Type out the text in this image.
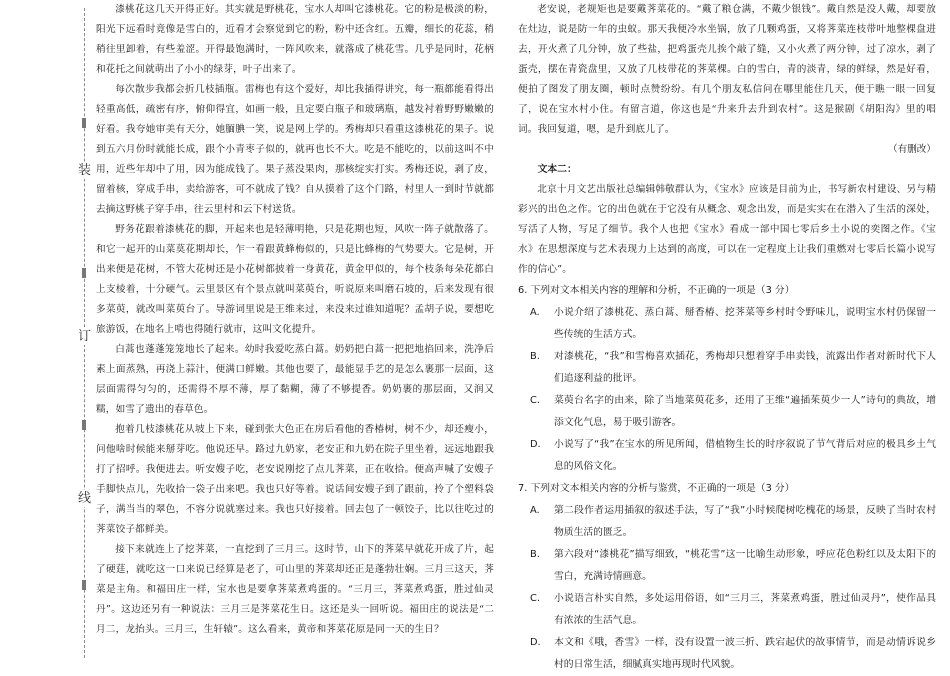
装
订
线

漆桃花这几天开得正好。其实就是野桃花，宝水人却叫它漆桃花。它的粉是极淡的粉，阳光下远看时竟像是雪白的，近看才会察觉到它的粉，粉中还含红。五瓣，细长的花蕊，稍稍往里卸着，有些羞涩。开得最饱满时，一阵风吹来，就落成了桃花雪。几乎是同时，花柄和花托之间就萌出了小小的绿芽，叶子出来了。

每次散步我都会折几枝插瓶。雷梅也有这个爱好，却比我插得讲究，每一瓶都能看得出轻重高低，疏密有序，俯仰得宜，如画一般，且定要白瓶子和玻璃瓶，越发衬着野野嫩嫩的好看。我夸她审美有天分，她腼腆一笑，说是网上学的。秀梅却只看重这漆桃花的果子。说到五六月份时就能长成，跟个小青枣子似的，就再也长不大。吃是不能吃的，以前这叫不中用，近些年却中了用，因为能成钱了。果子蒸没果肉，那核绽实打实。秀梅还说，剥了皮，留着核，穿成手串，卖给游客，可不就成了钱？自从摸着了这个门路，村里人一到时节就都去摘这野桃子穿手串，往云里村和云下村送货。

野务花跟着漆桃花的脚，开起来也是轻薄明艳，只是花期也短，风吹一阵子就散落了。和它一起开的山菜莫花期却长，乍一看跟黄蜂梅似的，只是比蜂梅的气势要大。它是树，开出来便是花树，不管大花树还是小花树都披着一身黄花，黄金甲似的，每个枝条每朵花都白上支棱着，十分硬气。云里景区有个景点就叫菜萸台，听说原来叫磨石坡的，后来发现有很多菜萸，就改叫菜萸台了。导游词里说是王维来过，来没来过谁知道呢？孟胡子说，要想吃旅游饭，在地名上啃也得随行就市，这叫文化提升。

白蒿也蓬蓬笼笼地长了起来。幼时我爱吃蒸白蒿。奶奶把白蒿一把把地掐回来，洗净后素上面蒸熟，再浇上蒜汁，便满口鲜嫩。其他也要了，最能显手艺的是怎么裹那一层面，这层面需得匀匀的，还需得不厚不薄，厚了黏糊，薄了不够提香。奶奶裹的那层面，又润又糯，如雪了遗出的春草色。

抱着几枝漆桃花从坡上下来，碰到张大色正在房后看他的香椿树，树不少，却还瘦小，问他啥时候能来掰芽吃。他说还早。路过九奶家，老安正和九奶在院子里坐着，远远地跟我打了招呼。我便进去。听安嫂子吃，老安说刚挖了点儿荠菜，正在收拾。便高声喊了安嫂子手脚快点儿，先收拾一袋子出来吧。我也只好等着。说话间安嫂子到了跟前，拎了个塑料袋子，满当当的翠色，不容分说就塞过来。我也只好接着。回去包了一顿饺子，比以往吃过的荠菜饺子都鲜美。

接下来就连上了挖荠菜，一直挖到了三月三。这时节，山下的荠菜早就花开成了片，起了硬莛，就吃这一口来说已经算是老了，可山里的荠菜却还正是蓬勃壮娴。三月三这天，荠菜是主角。和福田庄一样，宝水也是要拿荠菜煮鸡蛋的。“三月三，荠菜煮鸡蛋，胜过仙灵丹”。这边还另有一种说法：三月三是荠菜花生日。这还是头一回听说。福田庄的说法是“二月二，龙抬头。三月三，生轩辕”。这么看来，黄帝和荠菜花原是同一天的生日？

老安说，老规矩也是要戴荠菜花的。“戴了粮仓满，不戴少银钱”。戴自然是没人戴，却要放在灶边，说是防一年的虫蚁。那天我便冷水坐锅，放了几颗鸡蛋，又将荠菜连枝带叶地整棵盘进去，开火煮了几分钟，放了些盐，把鸡蛋壳儿挨个敲了缝，又小火煮了两分钟，过了凉水，剥了蛋壳，摆在青瓷盘里，又放了几枝带花的荠菜棵。白的雪白，青的淡青，绿的鲜绿，然是好看，便拍了图发了朋友圈，顿时点赞纷纷。有几个朋友私信问在哪里能住几天，便于瞧一眼一回复了，说在宝水村小住。有留言道，你这也是“升来升去升到农村”。这是猴剧《胡阳沟》里的唱词。我回复道，嗯，是升到底儿了。

（有删改）

文本二：

北京十月文艺出版社总编辑韩敬群认为，《宝水》应该是目前为止，书写新农村建设、另与精彩兴的出色之作。它的出色就在于它没有从概念、观念出发，而是实实在在潜入了生活的深处，写活了人物，写足了细节。我个人也把《宝水》看成一部中国七零后乡土小说的奕图之作。《宝水》在思想深度与艺术表现力上达到的高度，可以在一定程度上让我们重燃对七零后长篇小说写作的信心”。

6. 下列对文本相关内容的理解和分析，不正确的一项是（3 分）

A. 小说介绍了漆桃花、蒸白蒿、掰香椿、挖荠菜等乡村时令野味儿，说明宝水村仍保留一些传统的生活方式。
B. 对漆桃花，“我”和雪梅喜欢插花，秀梅却只想着穿手串卖钱，流露出作者对新时代下人们追逐利益的批评。
C. 菜萸台名字的由来，除了当地菜萸花多，还用了王维“遍插茱萸少一人”诗句的典故，增添文化气息，易于吸引游客。
D. 小说写了“我”在宝水的所见所闻，借植物生长的时序叙说了节气背后对应的极具乡土气息的风俗文化。

7. 下列对文本相关内容的分析与鉴赏，不正确的一项是（3 分）

A. 第二段作者运用插叙的叙述手法，写了“我”小时候爬树吃槐花的场景，反映了当时农村物质生活的匮乏。
B. 第六段对“漆桃花”描写细致，“桃花雪”这一比喻生动形象，呼应花色粉红以及太阳下的雪白，充满诗情画意。
C. 小说语言朴实自然，多处运用俗语，如“三月三，荠菜煮鸡蛋，胜过仙灵丹”，使作品具有浓浓的生活气息。
D. 本文和《哦，香雪》一样，没有设置一波三折、跌宕起伏的故事情节，而是动情诉说乡村的日常生活，细腻真实地再现时代风貌。
